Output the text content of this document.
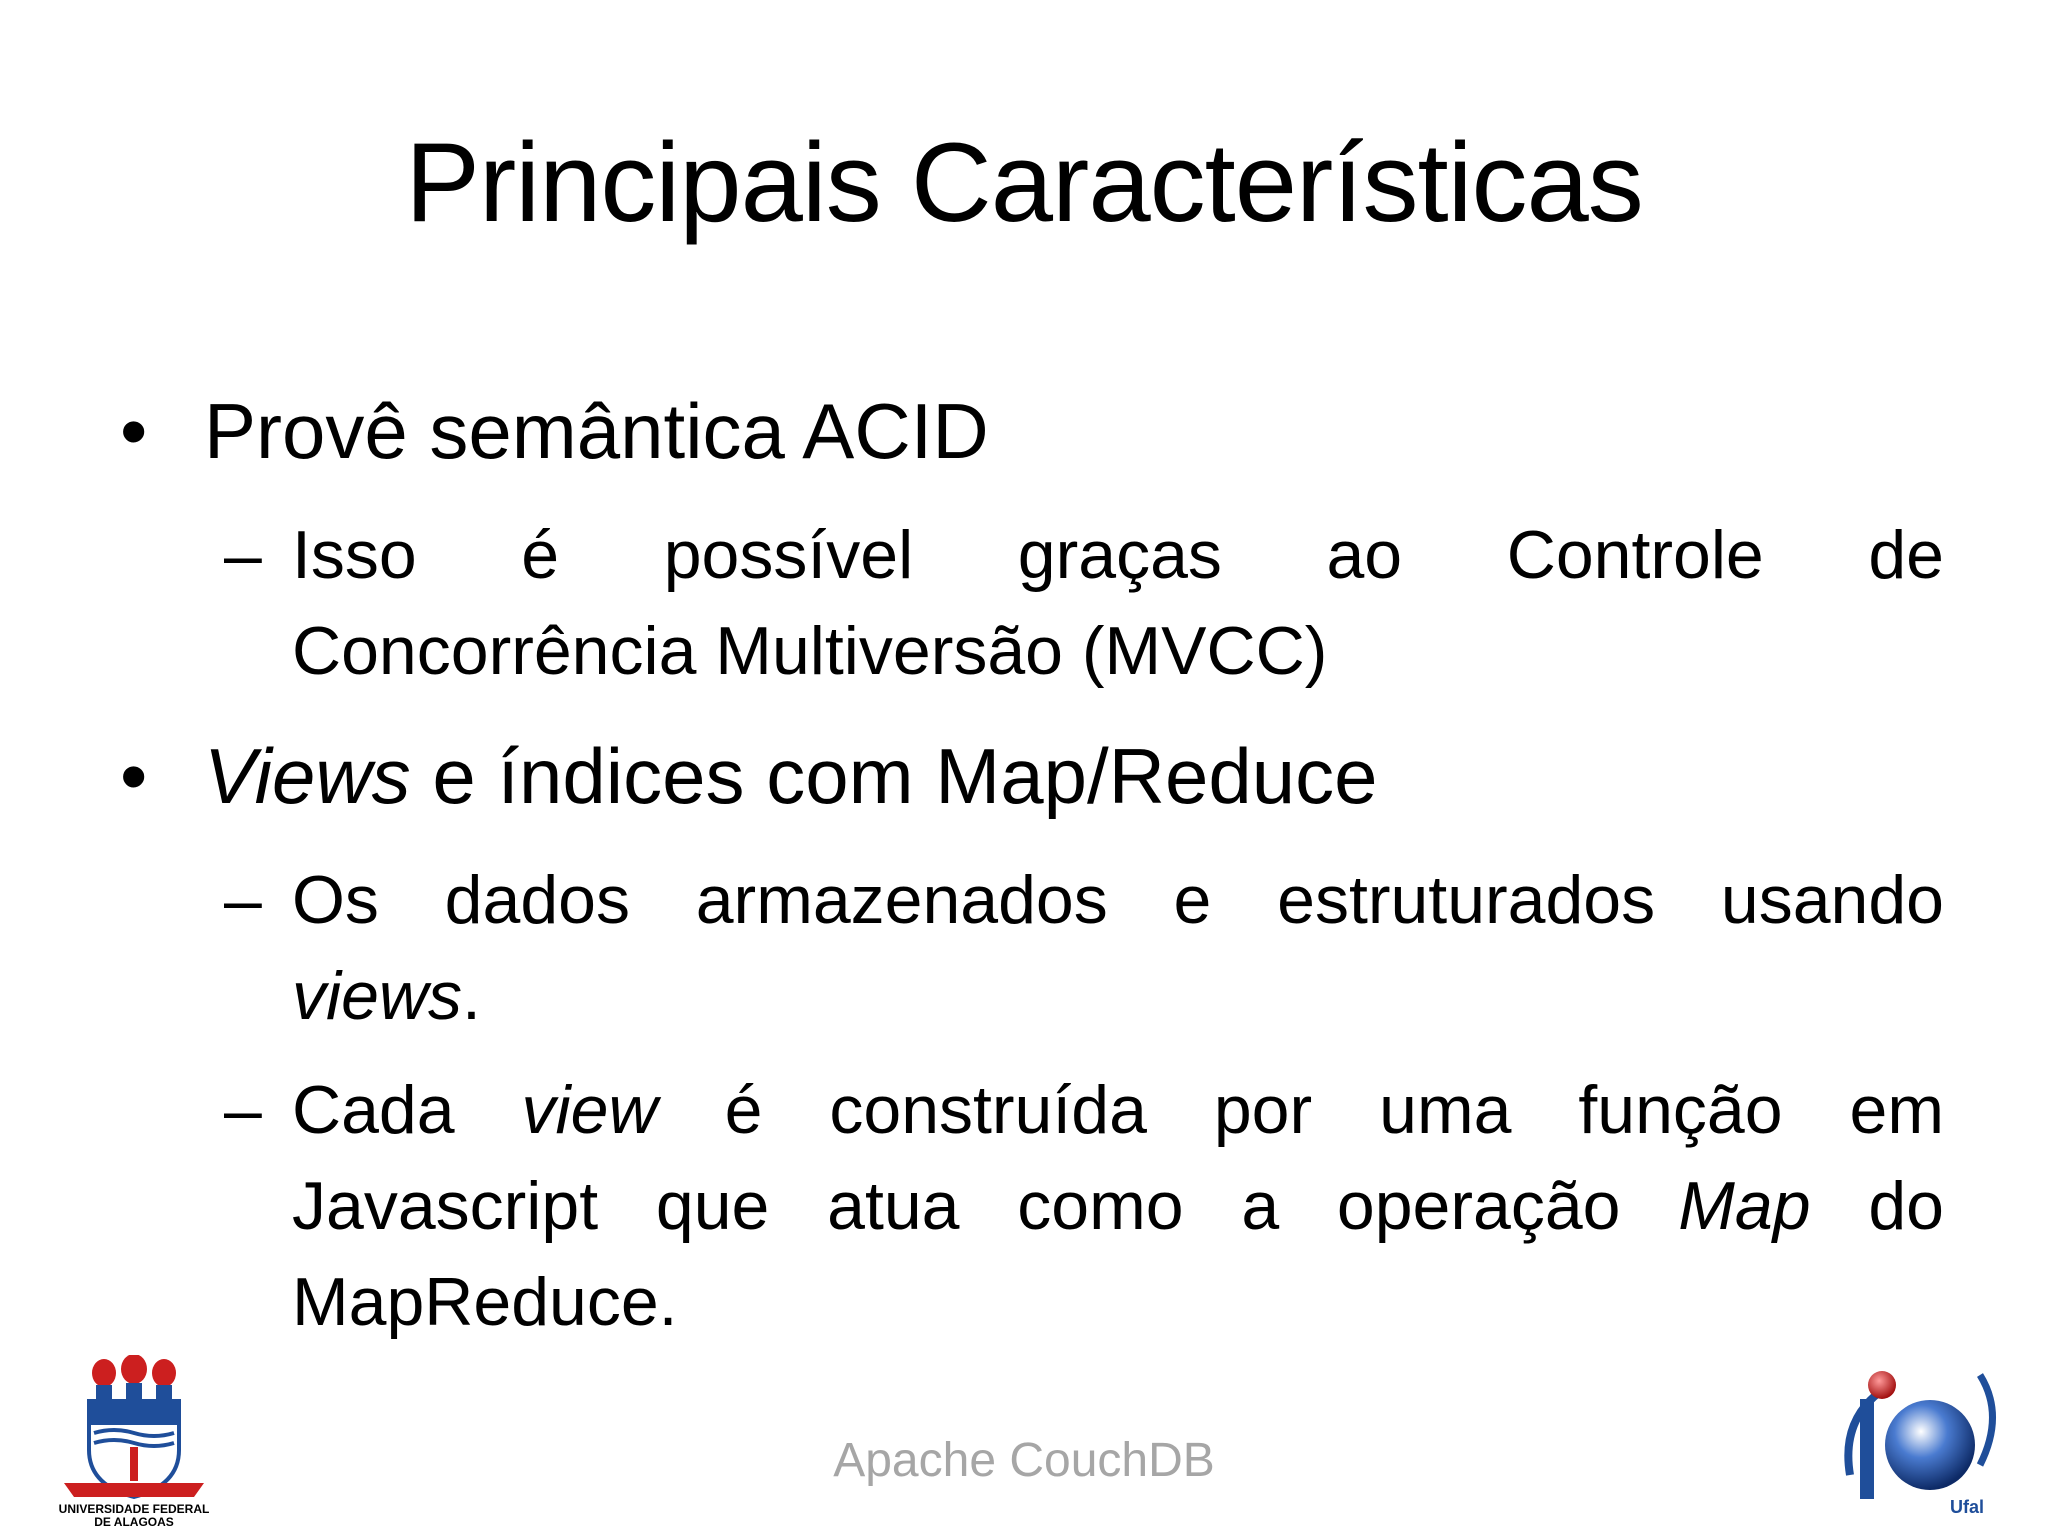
Principais Características
• Provê semântica ACID
– Isso é possível graças ao Controle de
Concorrência Multiversão (MVCC)
• Views e índices com Map/Reduce
– Os dados armazenados e estruturados usando
views.
– Cada view é construída por uma função em
Javascript que atua como a operação Map do
MapReduce.
Apache CouchDB
UNIVERSIDADE FEDERAL
DE ALAGOAS
Ufal
